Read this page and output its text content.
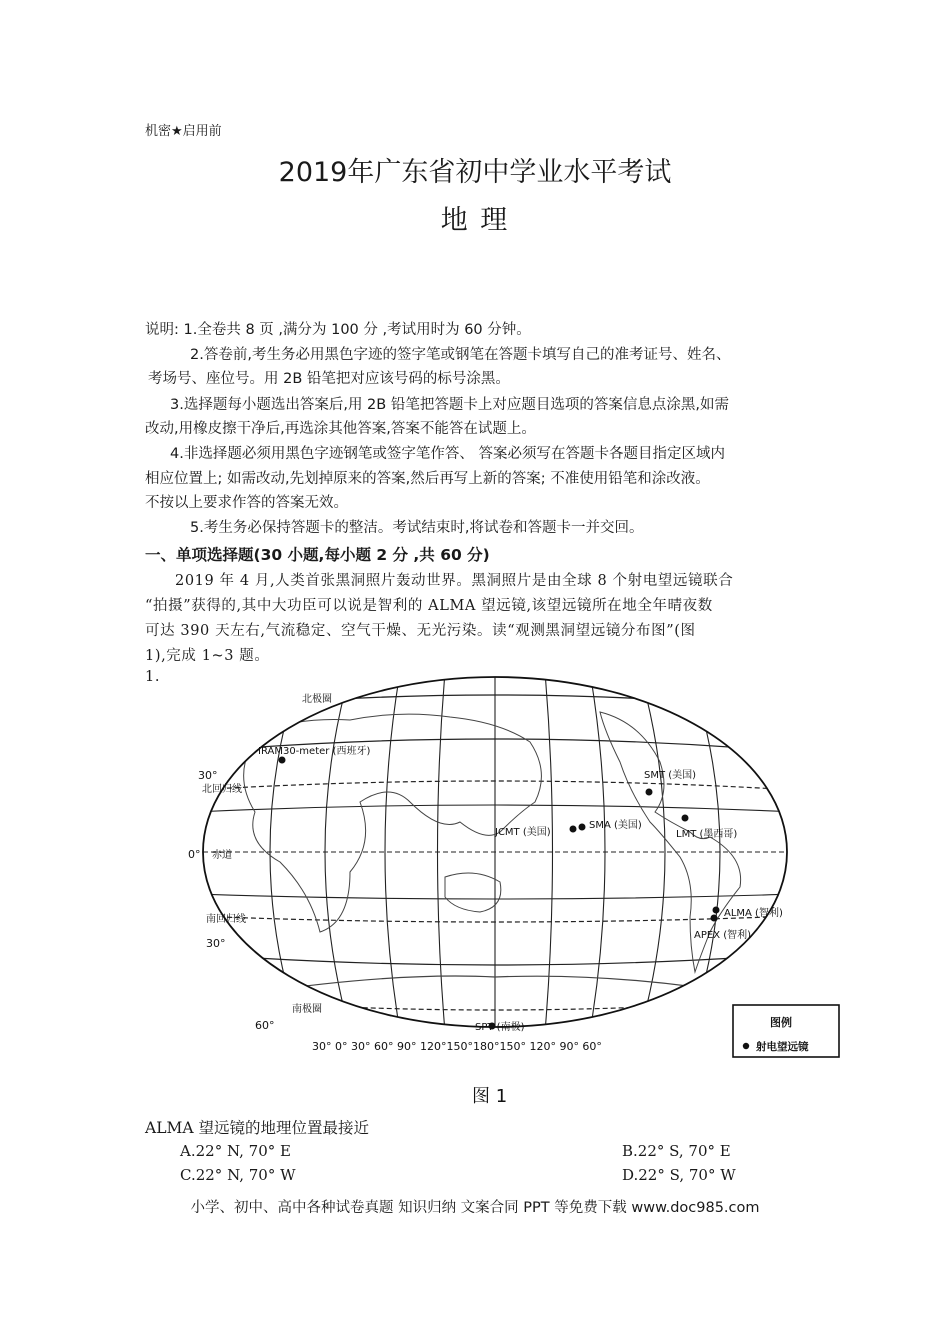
机密★启用前
2019年广东省初中学业水平考试
地 理
说明: 1.全卷共 8 页 ,满分为 100 分 ,考试用时为 60 分钟。
2.答卷前,考生务必用黑色字迹的签字笔或钢笔在答题卡填写自己的准考证号、姓名、
考场号、座位号。用 2B 铅笔把对应该号码的标号涂黑。
3.选择题每小题选出答案后,用 2B 铅笔把答题卡上对应题目选项的答案信息点涂黑,如需
改动,用橡皮擦干净后,再选涂其他答案,答案不能答在试题上。
4.非选择题必须用黑色字迹钢笔或签字笔作答、 答案必须写在答题卡各题目指定区域内
相应位置上; 如需改动,先划掉原来的答案,然后再写上新的答案; 不准使用铅笔和涂改液。
不按以上要求作答的答案无效。
5.考生务必保持答题卡的整洁。考试结束时,将试卷和答题卡一并交回。
一、单项选择题(30 小题,每小题 2 分 ,共 60 分)
2019 年 4 月,人类首张黑洞照片轰动世界。黑洞照片是由全球 8 个射电望远镜联合
“拍摄”获得的,其中大功臣可以说是智利的 ALMA 望远镜,该望远镜所在地全年晴夜数
可达 390 天左右,气流稳定、空气干燥、无光污染。读“观测黑洞望远镜分布图”(图
1),完成 1~3 题。
1.
30°
0°
30°
60°
北极圈
北回归线
赤道
南回归线
南极圈
IRAM30-meter (西班牙)
SMT (美国)
JCMT (美国)
SMA (美国)
LMT (墨西哥)
ALMA (智利)
APEX (智利)
SPT (南极)
30° 0° 30° 60° 90° 120°150°180°150° 120° 90° 60°
图例
射电望远镜
图 1
ALMA 望远镜的地理位置最接近
A.22° N, 70° E	B.22° S, 70° E
C.22° N, 70° W	D.22° S, 70° W
小学、初中、高中各种试卷真题 知识归纳 文案合同 PPT 等免费下载 www.doc985.com
